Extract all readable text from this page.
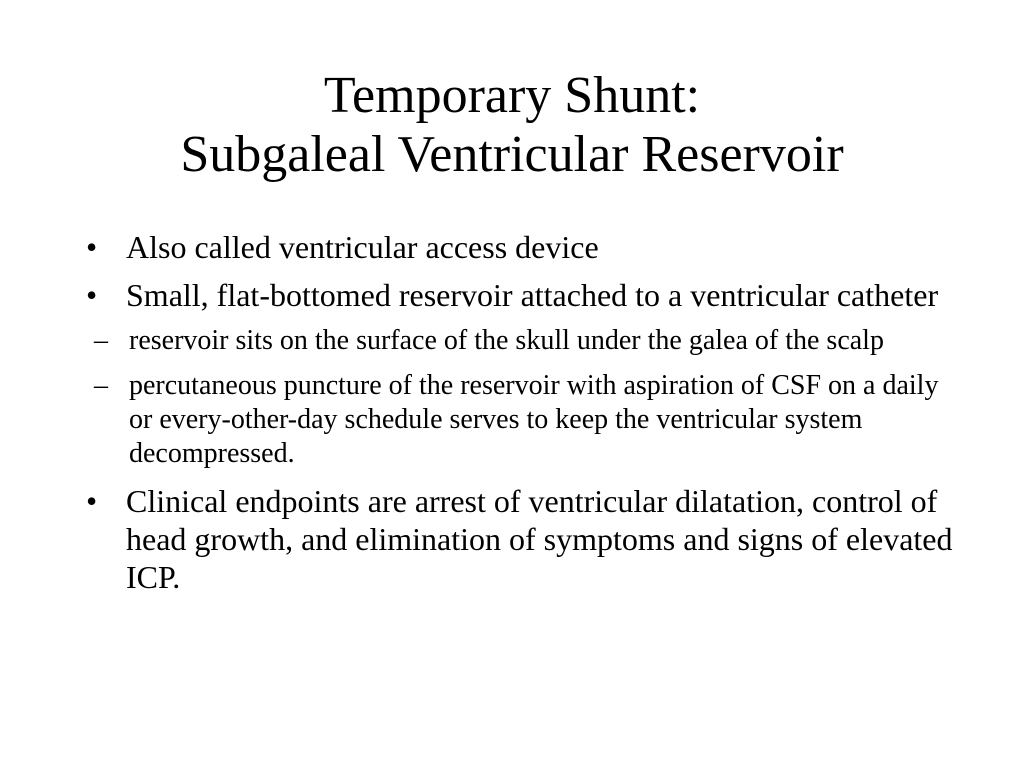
Temporary Shunt:
Subgaleal Ventricular Reservoir
• Also called ventricular access device
• Small, flat-bottomed reservoir attached to a ventricular catheter
– reservoir sits on the surface of the skull under the galea of the scalp
– percutaneous puncture of the reservoir with aspiration of CSF on a daily or every-other-day schedule serves to keep the ventricular system decompressed.
• Clinical endpoints are arrest of ventricular dilatation, control of head growth, and elimination of symptoms and signs of elevated ICP.
